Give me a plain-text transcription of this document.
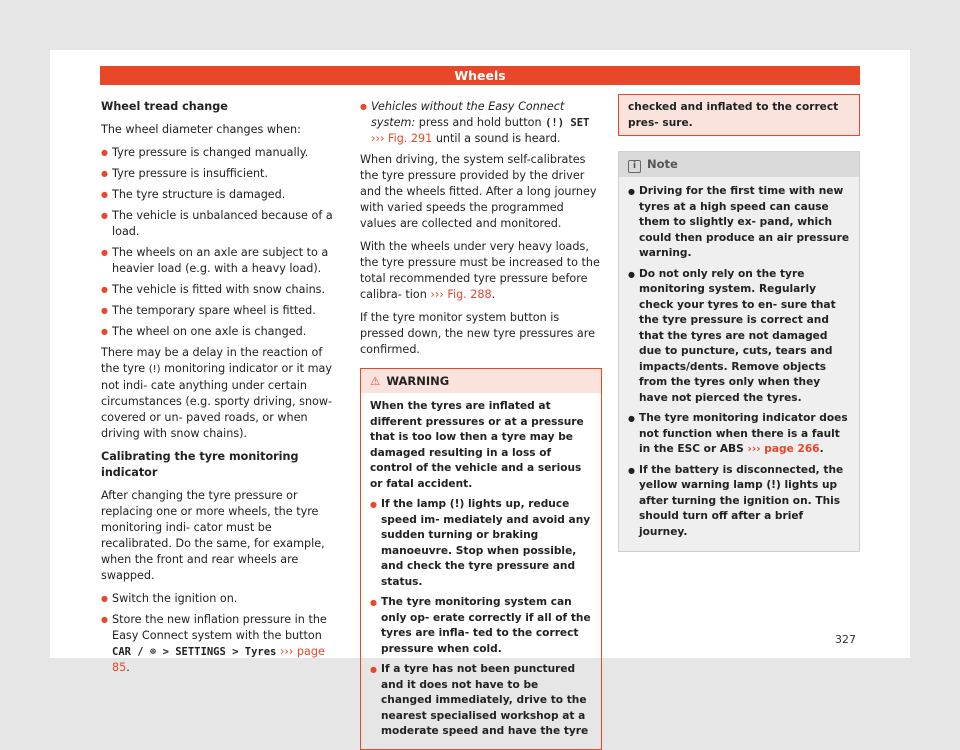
Wheels

Wheel tread change

The wheel diameter changes when:

● Tyre pressure is changed manually.
● Tyre pressure is insufficient.
● The tyre structure is damaged.
● The vehicle is unbalanced because of a load.
● The wheels on an axle are subject to a heavier load (e.g. with a heavy load).
● The vehicle is fitted with snow chains.
● The temporary spare wheel is fitted.
● The wheel on one axle is changed.

There may be a delay in the reaction of the tyre (!) monitoring indicator or it may not indi- cate anything under certain circumstances (e.g. sporty driving, snow-covered or un- paved roads, or when driving with snow chains).

Calibrating the tyre monitoring indicator

After changing the tyre pressure or replacing one or more wheels, the tyre monitoring indi- cator must be recalibrated. Do the same, for example, when the front and rear wheels are swapped.

● Switch the ignition on.
● Store the new inflation pressure in the Easy Connect system with the button CAR / ☸ > SETTINGS > Tyres ››› page 85.
● Vehicles without the Easy Connect system: press and hold button (!) SET ››› Fig. 291 until a sound is heard.

When driving, the system self-calibrates the tyre pressure provided by the driver and the wheels fitted. After a long journey with varied speeds the programmed values are collected and monitored.

With the wheels under very heavy loads, the tyre pressure must be increased to the total recommended tyre pressure before calibra- tion ››› Fig. 288.

If the tyre monitor system button is pressed down, the new tyre pressures are confirmed.

⚠ WARNING

When the tyres are inflated at different pressures or at a pressure that is too low then a tyre may be damaged resulting in a loss of control of the vehicle and a serious or fatal accident.

● If the lamp (!) lights up, reduce speed im- mediately and avoid any sudden turning or braking manoeuvre. Stop when possible, and check the tyre pressure and status.
● The tyre monitoring system can only op- erate correctly if all of the tyres are infla- ted to the correct pressure when cold.
● If a tyre has not been punctured and it does not have to be changed immediately, drive to the nearest specialised workshop at a moderate speed and have the tyre
checked and inflated to the correct pres- sure.
i Note
● Driving for the first time with new tyres at a high speed can cause them to slightly ex- pand, which could then produce an air pressure warning.
● Do not only rely on the tyre monitoring system. Regularly check your tyres to en- sure that the tyre pressure is correct and that the tyres are not damaged due to puncture, cuts, tears and impacts/dents. Remove objects from the tyres only when they have not pierced the tyres.
● The tyre monitoring indicator does not function when there is a fault in the ESC or ABS ››› page 266.
● If the battery is disconnected, the yellow warning lamp (!) lights up after turning the ignition on. This should turn off after a brief journey.
327
